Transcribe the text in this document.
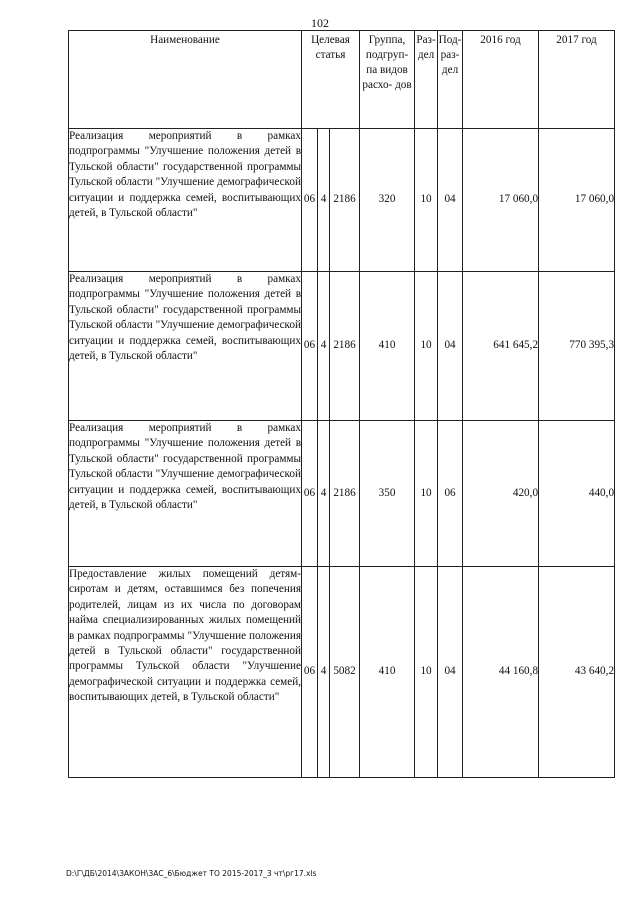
102
Наименование	Целевая статья			Группа, подгруп- па видов расхо- дов	Раз- дел	Под- раз- дел	2016 год	2017 год
Реализация мероприятий в рамках подпрограммы "Улучшение положения детей в Тульской области" государственной программы Тульской области "Улучшение демографической ситуации и поддержка семей, воспитывающих детей, в Тульской области"	06	4	2186	320	10	04	17 060,0	17 060,0
Реализация мероприятий в рамках подпрограммы "Улучшение положения детей в Тульской области" государственной программы Тульской области "Улучшение демографической ситуации и поддержка семей, воспитывающих детей, в Тульской области"	06	4	2186	410	10	04	641 645,2	770 395,3
Реализация мероприятий в рамках подпрограммы "Улучшение положения детей в Тульской области" государственной программы Тульской области "Улучшение демографической ситуации и поддержка семей, воспитывающих детей, в Тульской области"	06	4	2186	350	10	06	420,0	440,0
Предоставление жилых помещений детям-сиротам и детям, оставшимся без попечения родителей, лицам из их числа по договорам найма специализированных жилых помещений в рамках подпрограммы "Улучшение положения детей в Тульской области" государственной программы Тульской области "Улучшение демографической ситуации и поддержка семей, воспитывающих детей, в Тульской области"	06	4	5082	410	10	04	44 160,8	43 640,2
D:\Г\ДБ\2014\ЗАКОН\ЗАС_6\Бюджет ТО 2015-2017_3 чт\рг17.xls
